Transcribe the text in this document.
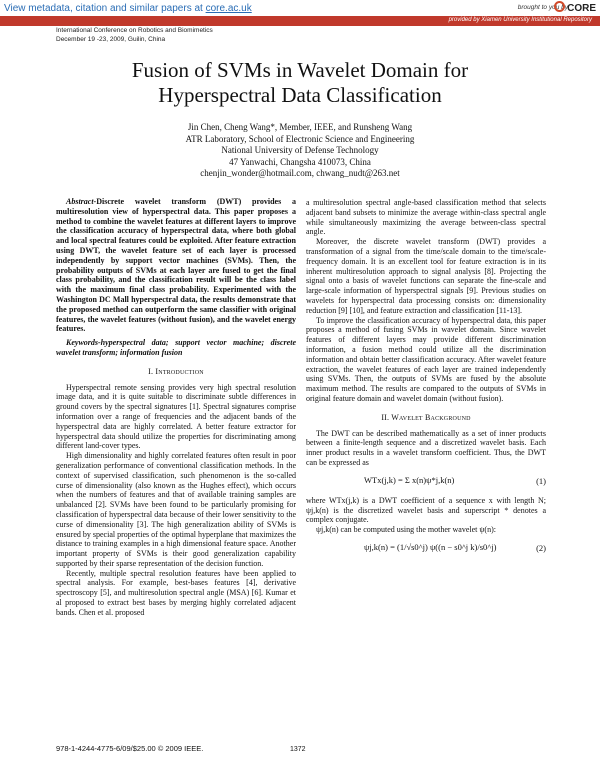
View metadata, citation and similar papers at core.ac.uk	brought to you by CORE
provided by Xiamen University Institutional Repository
International Conference on Robotics and Biomimetics
December 19 -23, 2009, Guilin, China
Fusion of SVMs in Wavelet Domain for
Hyperspectral Data Classification
Jin Chen, Cheng Wang*, Member, IEEE, and Runsheng Wang
ATR Laboratory, School of Electronic Science and Engineering
National University of Defense Technology
47 Yanwachi, Changsha 410073, China
chenjin_wonder@hotmail.com, chwang_nudt@263.net

Abstract-Discrete wavelet transform (DWT) provides a multiresolution view of hyperspectral data. This paper proposes a method to combine the wavelet features at different layers to improve the classification accuracy of hyperspectral data, where both global and local spectral features could be exploited. After feature extraction using DWT, the wavelet feature set of each layer is processed independently by support vector machines (SVMs). Then, the probability outputs of SVMs at each layer are fused to get the final class probability, and the classification result will be the class label with the maximum final class probability. Experimented with the Washington DC Mall hyperspectral data, the results demonstrate that the proposed method can outperform the same classifier with original features, the wavelet features (without fusion), and the wavelet energy features.

Keywords-hyperspectral data; support vector machine; discrete wavelet transform; information fusion

I. Introduction

Hyperspectral remote sensing provides very high spectral resolution image data, and it is quite suitable to discriminate subtle differences in ground covers by the spectral signatures [1]. Spectral signatures comprise information over a range of frequencies and the adjacent bands of the hyperspectral data are highly correlated. A better feature extractor for hyperspectral data should utilize the properties for discriminating among different land-cover types.

High dimensionality and highly correlated features often result in poor generalization performance of conventional classification methods. In the context of supervised classification, such phenomenon is the so-called curse of dimensionality (also known as the Hughes effect), which occurs when the numbers of features and that of available training samples are unbalanced [2]. SVMs have been found to be particularly promising for classification of hyperspectral data because of their lower sensitivity to the curse of dimensionality [3]. The high generalization ability of SVMs is ensured by special properties of the optimal hyperplane that maximizes the distance to training examples in a high dimensional feature space. Another important property of SVMs is their good generalization capability supported by their sparse representation of the decision function.

Recently, multiple spectral resolution features have been applied to spectral analysis. For example, best-bases features [4], derivative spectroscopy [5], and multiresolution spectral angle (MSA) [6]. Kumar et al proposed to extract best bases by merging highly correlated adjacent bands. Chen et al. proposed

a multiresolution spectral angle-based classification method that selects adjacent band subsets to minimize the average within-class spectral angle while simultaneously maximizing the average between-class spectral angle.

Moreover, the discrete wavelet transform (DWT) provides a transformation of a signal from the time/scale domain to the time/scale-frequency domain. It is an excellent tool for feature extraction is in its inherent multiresolution approach to signal analysis [8]. Projecting the signal onto a basis of wavelet functions can separate the fine-scale and large-scale information of hyperspectral signals [9]. Previous studies on wavelets for hyperspectral data processing consists on: dimensionality reduction [9] [10], and feature extraction and classification [11-13].

To improve the classification accuracy of hyperspectral data, this paper proposes a method of fusing SVMs in wavelet domain. Since wavelet features of different layers may provide different discrimination information, a fusion method could utilize all the discrimination information and obtain better classification accuracy. After wavelet feature extraction, the wavelet features of each layer are trained independently using SVMs. Then, the outputs of SVMs are fused by the absolute maximum method. The results are compared to the outputs of SVMs in original feature domain and wavelet domain (without fusion).

II. Wavelet Background

The DWT can be described mathematically as a set of inner products between a finite-length sequence and a discretized wavelet basis. Each inner product results in a wavelet transform coefficient. Thus, the DWT can be expressed as

WTx(j,k) = Σ x(n)ψ*j,k(n)	(1)

where WTx(j,k) is a DWT coefficient of a sequence x with length N; ψj,k(n) is the discretized wavelet basis and superscript * denotes a complex conjugate.

ψj,k(n) can be computed using the mother wavelet ψ(n):

ψj,k(n) = (1/√s0^j) ψ((n − s0^j k)/s0^j)	(2)
978-1-4244-4775-6/09/$25.00 © 2009 IEEE.	1372
